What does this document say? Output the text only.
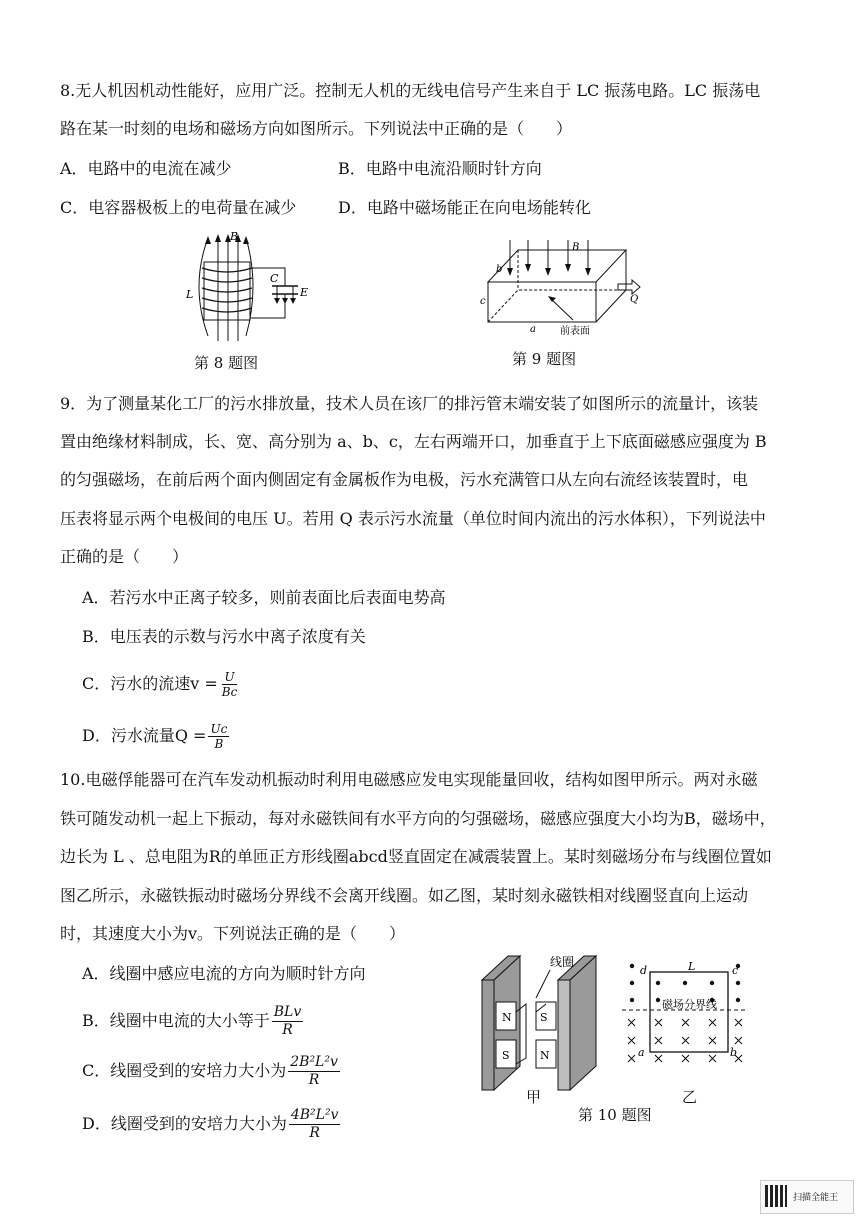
8.无人机因机动性能好，应用广泛。控制无人机的无线电信号产生来自于 LC 振荡电路。LC 振荡电
路在某一时刻的电场和磁场方向如图所示。下列说法中正确的是（　　）
A．电路中的电流在减少	B．电路中电流沿顺时针方向
C．电容器极板上的电荷量在减少	D．电路中磁场能正在向电场能转化
B
L
C
E
第 8 题图
B
b
c
a
Q
前表面
第 9 题图
9．为了测量某化工厂的污水排放量，技术人员在该厂的排污管末端安装了如图所示的流量计，该装
置由绝缘材料制成，长、宽、高分别为 a、b、c，左右两端开口，加垂直于上下底面磁感应强度为 B
的匀强磁场，在前后两个面内侧固定有金属板作为电极，污水充满管口从左向右流经该装置时，电
压表将显示两个电极间的电压 U。若用 Q 表示污水流量（单位时间内流出的污水体积），下列说法中
正确的是（　　）
A．若污水中正离子较多，则前表面比后表面电势高
B．电压表的示数与污水中离子浓度有关
C．污水的流速$v = \frac{U}{Bc}$
D．污水流量$Q = \frac{Uc}{B}$
10.电磁俘能器可在汽车发动机振动时利用电磁感应发电实现能量回收，结构如图甲所示。两对永磁
铁可随发动机一起上下振动，每对永磁铁间有水平方向的匀强磁场，磁感应强度大小均为B，磁场中，
边长为 L 、总电阻为R的单匝正方形线圈abcd竖直固定在减震装置上。某时刻磁场分布与线圈位置如
图乙所示，永磁铁振动时磁场分界线不会离开线圈。如乙图，某时刻永磁铁相对线圈竖直向上运动
时，其速度大小为v。下列说法正确的是（　　）
A．线圈中感应电流的方向为顺时针方向
B．线圈中电流的大小等于 $\frac{\text{BLv}}{R}$
C．线圈受到的安培力大小为 $\frac{\text{2B²L²v}}{R}$
D．线圈受到的安培力大小为 $\frac{\text{4B²L²v}}{R}$
线圈
N	S
S	N
甲
d	L	c
a	b
磁场分界线
乙
第 10 题图
扫描全能王
